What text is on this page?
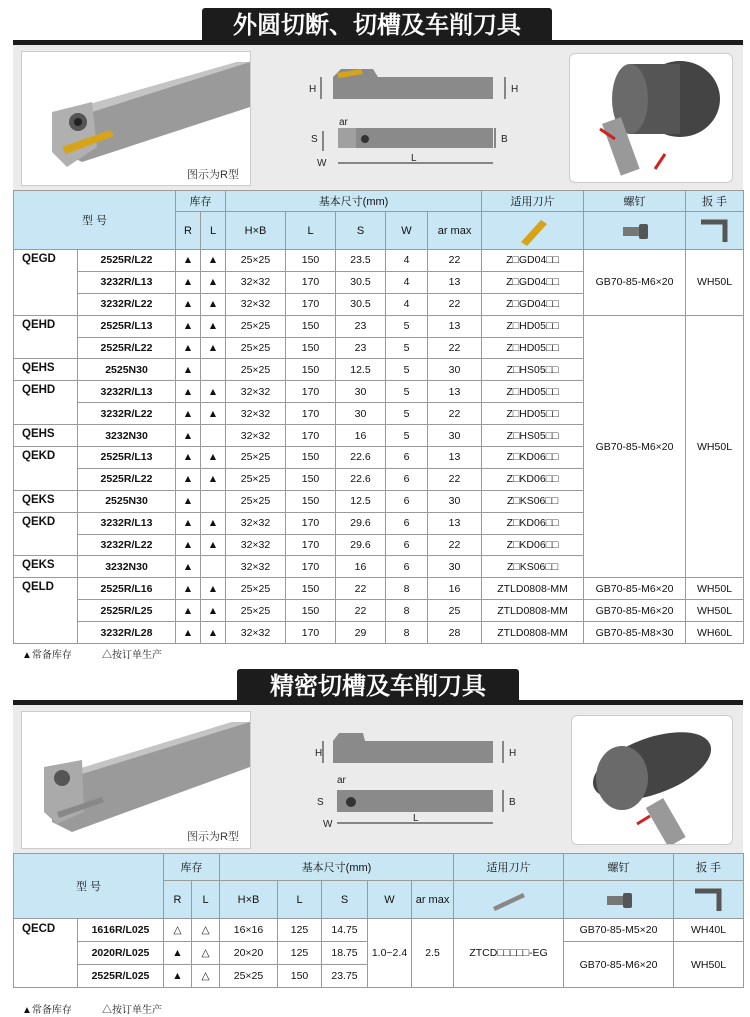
外圆切断、切槽及车削刀具
图示为R型
H	H
B
S
ar
W	L
型 号		库存		基本尺寸(mm)					适用刀片	螺钉	扳 手
		R	L	H×B	L	S	W	ar max	

QEGD	2525R/L22	▲	▲	25×25	150	23.5	4	22	Z□GD04□□	GB70-85-M6×20	WH50L
	3232R/L13	▲	▲	32×32	170	30.5	4	13	Z□GD04□□		
	3232R/L22	▲	▲	32×32	170	30.5	4	22	Z□GD04□□		
QEHD	2525R/L13	▲	▲	25×25	150	23	5	13	Z□HD05□□	GB70-85-M6×20	WH50L
	2525R/L22	▲	▲	25×25	150	23	5	22	Z□HD05□□		
QEHS	2525N30	▲		25×25	150	12.5	5	30	Z□HS05□□		
QEHD	3232R/L13	▲	▲	32×32	170	30	5	13	Z□HD05□□		
	3232R/L22	▲	▲	32×32	170	30	5	22	Z□HD05□□		
QEHS	3232N30	▲		32×32	170	16	5	30	Z□HS05□□		
QEKD	2525R/L13	▲	▲	25×25	150	22.6	6	13	Z□KD06□□		
	2525R/L22	▲	▲	25×25	150	22.6	6	22	Z□KD06□□		
QEKS	2525N30	▲		25×25	150	12.5	6	30	Z□KS06□□		
QEKD	3232R/L13	▲	▲	32×32	170	29.6	6	13	Z□KD06□□		
	3232R/L22	▲	▲	32×32	170	29.6	6	22	Z□KD06□□		
QEKS	3232N30	▲		32×32	170	16	6	30	Z□KS06□□		
QELD	2525R/L16	▲	▲	25×25	150	22	8	16	ZTLD0808-MM	GB70-85-M6×20	WH50L
	2525R/L25	▲	▲	25×25	150	22	8	25	ZTLD0808-MM	GB70-85-M6×20	WH50L
	3232R/L28	▲	▲	32×32	170	29	8	28	ZTLD0808-MM	GB70-85-M8×30	WH60L
▲常备库存	△按订单生产
精密切槽及车削刀具
图示为R型
H	H
B
S
ar
W
L
型 号		库存		基本尺寸(mm)					适用刀片	螺钉	扳 手
		R	L	H×B	L	S	W	ar max	

QECD	1616R/L025	△	△	16×16	125	14.75	1.0~2.4	2.5	ZTCD□□□□□-EG	GB70-85-M5×20	WH40L
	2020R/L025	▲	△	20×20	125	18.75				GB70-85-M6×20	WH50L
	2525R/L025	▲	△	25×25	150	23.75					
▲常备库存	△按订单生产
